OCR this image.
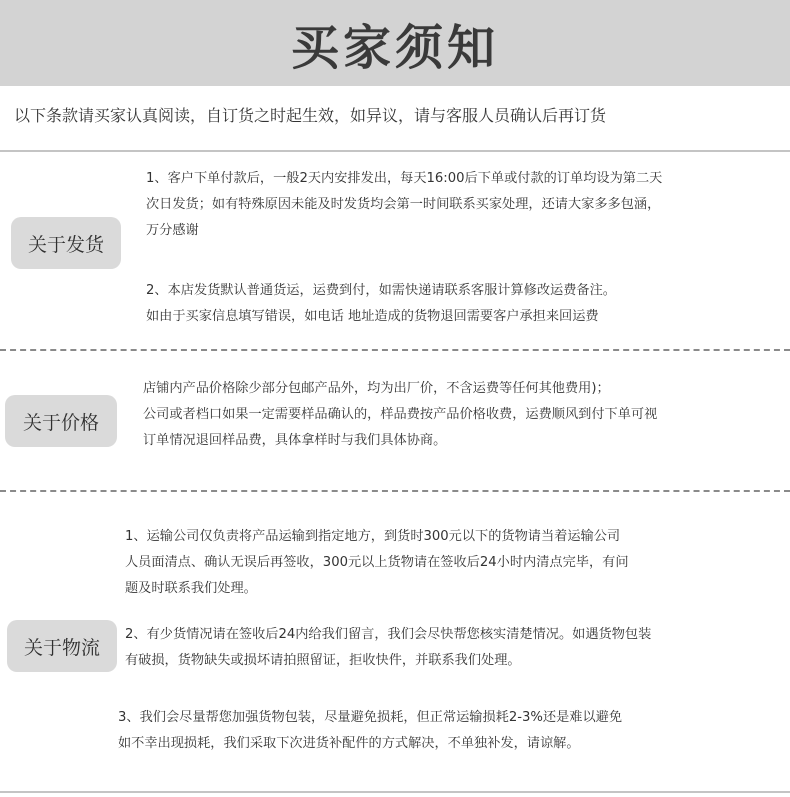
买家须知
以下条款请买家认真阅读，自订货之时起生效，如异议，请与客服人员确认后再订货
关于发货
1、客户下单付款后，一般2天内安排发出，每天16:00后下单或付款的订单均设为第二天
次日发货；如有特殊原因未能及时发货均会第一时间联系买家处理，还请大家多多包涵，
万分感谢
2、本店发货默认普通货运，运费到付，如需快递请联系客服计算修改运费备注。
如由于买家信息填写错误，如电话 地址造成的货物退回需要客户承担来回运费
关于价格
店铺内产品价格除少部分包邮产品外，均为出厂价，不含运费等任何其他费用)；
公司或者档口如果一定需要样品确认的，样品费按产品价格收费，运费顺风到付下单可视
订单情况退回样品费，具体拿样时与我们具体协商。
关于物流
1、运输公司仅负责将产品运输到指定地方，到货时300元以下的货物请当着运输公司
人员面清点、确认无误后再签收，300元以上货物请在签收后24小时内清点完毕，有问
题及时联系我们处理。
2、有少货情况请在签收后24内给我们留言，我们会尽快帮您核实清楚情况。如遇货物包装
有破损，货物缺失或损坏请拍照留证，拒收快件，并联系我们处理。
3、我们会尽量帮您加强货物包装，尽量避免损耗，但正常运输损耗2-3%还是难以避免
如不幸出现损耗，我们采取下次进货补配件的方式解决，不单独补发，请谅解。
